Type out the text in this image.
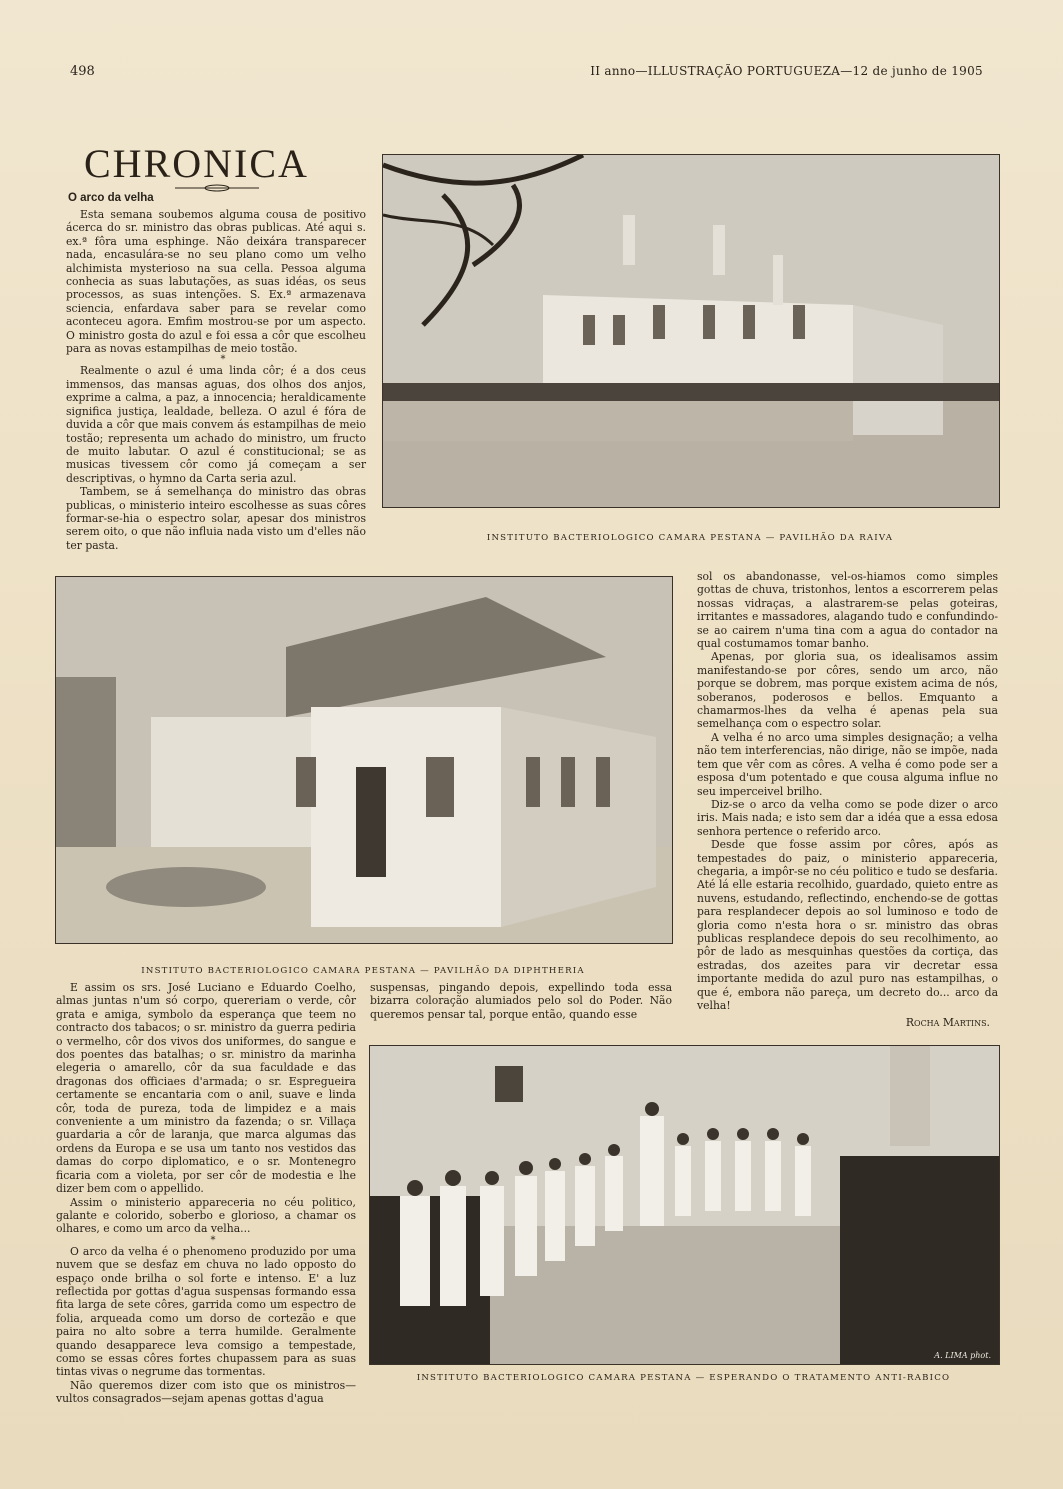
498	II anno—ILLUSTRAÇÃO PORTUGUEZA—12 de junho de 1905
CHRONICA
O arco da velha

Esta semana soubemos alguma cousa de positivo ácerca do sr. ministro das obras publicas. Até aqui s. ex.ª fôra uma esphinge. Não deixára transparecer nada, encasulára-se no seu plano como um velho alchimista mysterioso na sua cella. Pessoa alguma conhecia as suas labutações, as suas idéas, os seus processos, as suas intenções. S. Ex.ª armazenava sciencia, enfardava saber para se revelar como aconteceu agora. Emfim mostrou-se por um aspecto. O ministro gosta do azul e foi essa a côr que escolheu para as novas estampilhas de meio tostão.

*

Realmente o azul é uma linda côr; é a dos ceus immensos, das mansas aguas, dos olhos dos anjos, exprime a calma, a paz, a innocencia; heraldicamente significa justiça, lealdade, belleza. O azul é fóra de duvida a côr que mais convem ás estampilhas de meio tostão; representa um achado do ministro, um fructo de muito labutar. O azul é constitucional; se as musicas tivessem côr como já começam a ser descriptivas, o hymno da Carta seria azul.

Tambem, se á semelhança do ministro das obras publicas, o ministerio inteiro escolhesse as suas côres formar-se-hia o espectro solar, apesar dos ministros serem oito, o que não influia nada visto um d'elles não ter pasta.

INSTITUTO BACTERIOLOGICO CAMARA PESTANA — PAVILHÃO DA RAIVA
INSTITUTO BACTERIOLOGICO CAMARA PESTANA — PAVILHÃO DA DIPHTHERIA

sol os abandonasse, vel-os-hiamos como simples gottas de chuva, tristonhos, lentos a escorrerem pelas nossas vidraças, a alastrarem-se pelas goteiras, irritantes e massadores, alagando tudo e confundindo-se ao cairem n'uma tina com a agua do contador na qual costumamos tomar banho.

Apenas, por gloria sua, os idealisamos assim manifestando-se por côres, sendo um arco, não porque se dobrem, mas porque existem acima de nós, soberanos, poderosos e bellos. Emquanto a chamarmos-lhes da velha é apenas pela sua semelhança com o espectro solar.

A velha é no arco uma simples designação; a velha não tem interferencias, não dirige, não se impõe, nada tem que vêr com as côres. A velha é como pode ser a esposa d'um potentado e que cousa alguma influe no seu imperceivel brilho.

Diz-se o arco da velha como se pode dizer o arco iris. Mais nada; e isto sem dar a idéa que a essa edosa senhora pertence o referido arco.

Desde que fosse assim por côres, após as tempestades do paiz, o ministerio appareceria, chegaria, a impôr-se no céu politico e tudo se desfaria. Até lá elle estaria recolhido, guardado, quieto entre as nuvens, estudando, reflectindo, enchendo-se de gottas para resplandecer depois ao sol luminoso e todo de gloria como n'esta hora o sr. ministro das obras publicas resplandece depois do seu recolhimento, ao pôr de lado as mesquinhas questões da cortiça, das estradas, dos azeites para vir decretar essa importante medida do azul puro nas estampilhas, o que é, embora não pareça, um decreto do... arco da velha!

Rocha Martins.

E assim os srs. José Luciano e Eduardo Coelho, almas juntas n'um só corpo, quereriam o verde, côr grata e amiga, symbolo da esperança que teem no contracto dos tabacos; o sr. ministro da guerra pediria o vermelho, côr dos vivos dos uniformes, do sangue e dos poentes das batalhas; o sr. ministro da marinha elegeria o amarello, côr da sua faculdade e das dragonas dos officiaes d'armada; o sr. Espregueira certamente se encantaria com o anil, suave e linda côr, toda de pureza, toda de limpidez e a mais conveniente a um ministro da fazenda; o sr. Villaça guardaria a côr de laranja, que marca algumas das ordens da Europa e se usa um tanto nos vestidos das damas do corpo diplomatico, e o sr. Montenegro ficaria com a violeta, por ser côr de modestia e lhe dizer bem com o appellido.

Assim o ministerio appareceria no céu politico, galante e colorido, soberbo e glorioso, a chamar os olhares, e como um arco da velha...

*

O arco da velha é o phenomeno produzido por uma nuvem que se desfaz em chuva no lado opposto do espaço onde brilha o sol forte e intenso. E' a luz reflectida por gottas d'agua suspensas formando essa fita larga de sete côres, garrida como um espectro de folia, arqueada como um dorso de cortezão e que paira no alto sobre a terra humilde. Geralmente quando desapparece leva comsigo a tempestade, como se essas côres fortes chupassem para as suas tintas vivas o negrume das tormentas.

Não queremos dizer com isto que os ministros—vultos consagrados—sejam apenas gottas d'agua

suspensas, pingando depois, expellindo toda essa bizarra coloração alumiados pelo sol do Poder. Não queremos pensar tal, porque então, quando esse

A. LIMA phot.
INSTITUTO BACTERIOLOGICO CAMARA PESTANA — ESPERANDO O TRATAMENTO ANTI-RABICO
